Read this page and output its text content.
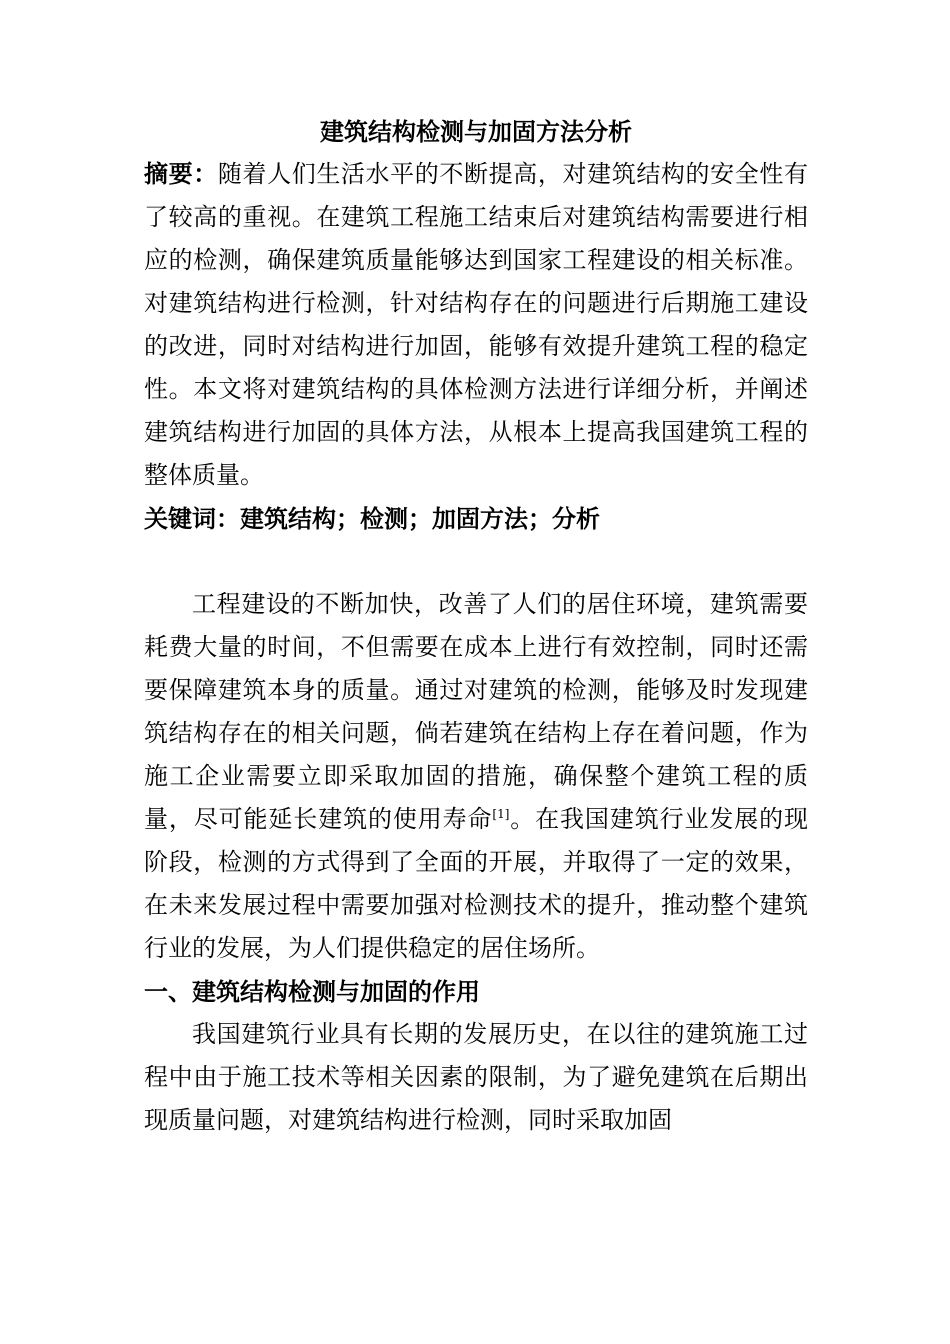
建筑结构检测与加固方法分析

摘要：随着人们生活水平的不断提高，对建筑结构的安全性有了较高的重视。在建筑工程施工结束后对建筑结构需要进行相应的检测，确保建筑质量能够达到国家工程建设的相关标准。对建筑结构进行检测，针对结构存在的问题进行后期施工建设的改进，同时对结构进行加固，能够有效提升建筑工程的稳定性。本文将对建筑结构的具体检测方法进行详细分析，并阐述建筑结构进行加固的具体方法，从根本上提高我国建筑工程的整体质量。

关键词：建筑结构；检测；加固方法；分析

工程建设的不断加快，改善了人们的居住环境，建筑需要耗费大量的时间，不但需要在成本上进行有效控制，同时还需要保障建筑本身的质量。通过对建筑的检测，能够及时发现建筑结构存在的相关问题，倘若建筑在结构上存在着问题，作为施工企业需要立即采取加固的措施，确保整个建筑工程的质量，尽可能延长建筑的使用寿命[1]。在我国建筑行业发展的现阶段，检测的方式得到了全面的开展，并取得了一定的效果，在未来发展过程中需要加强对检测技术的提升，推动整个建筑行业的发展，为人们提供稳定的居住场所。

一、建筑结构检测与加固的作用

我国建筑行业具有长期的发展历史，在以往的建筑施工过程中由于施工技术等相关因素的限制，为了避免建筑在后期出现质量问题，对建筑结构进行检测，同时采取加固
